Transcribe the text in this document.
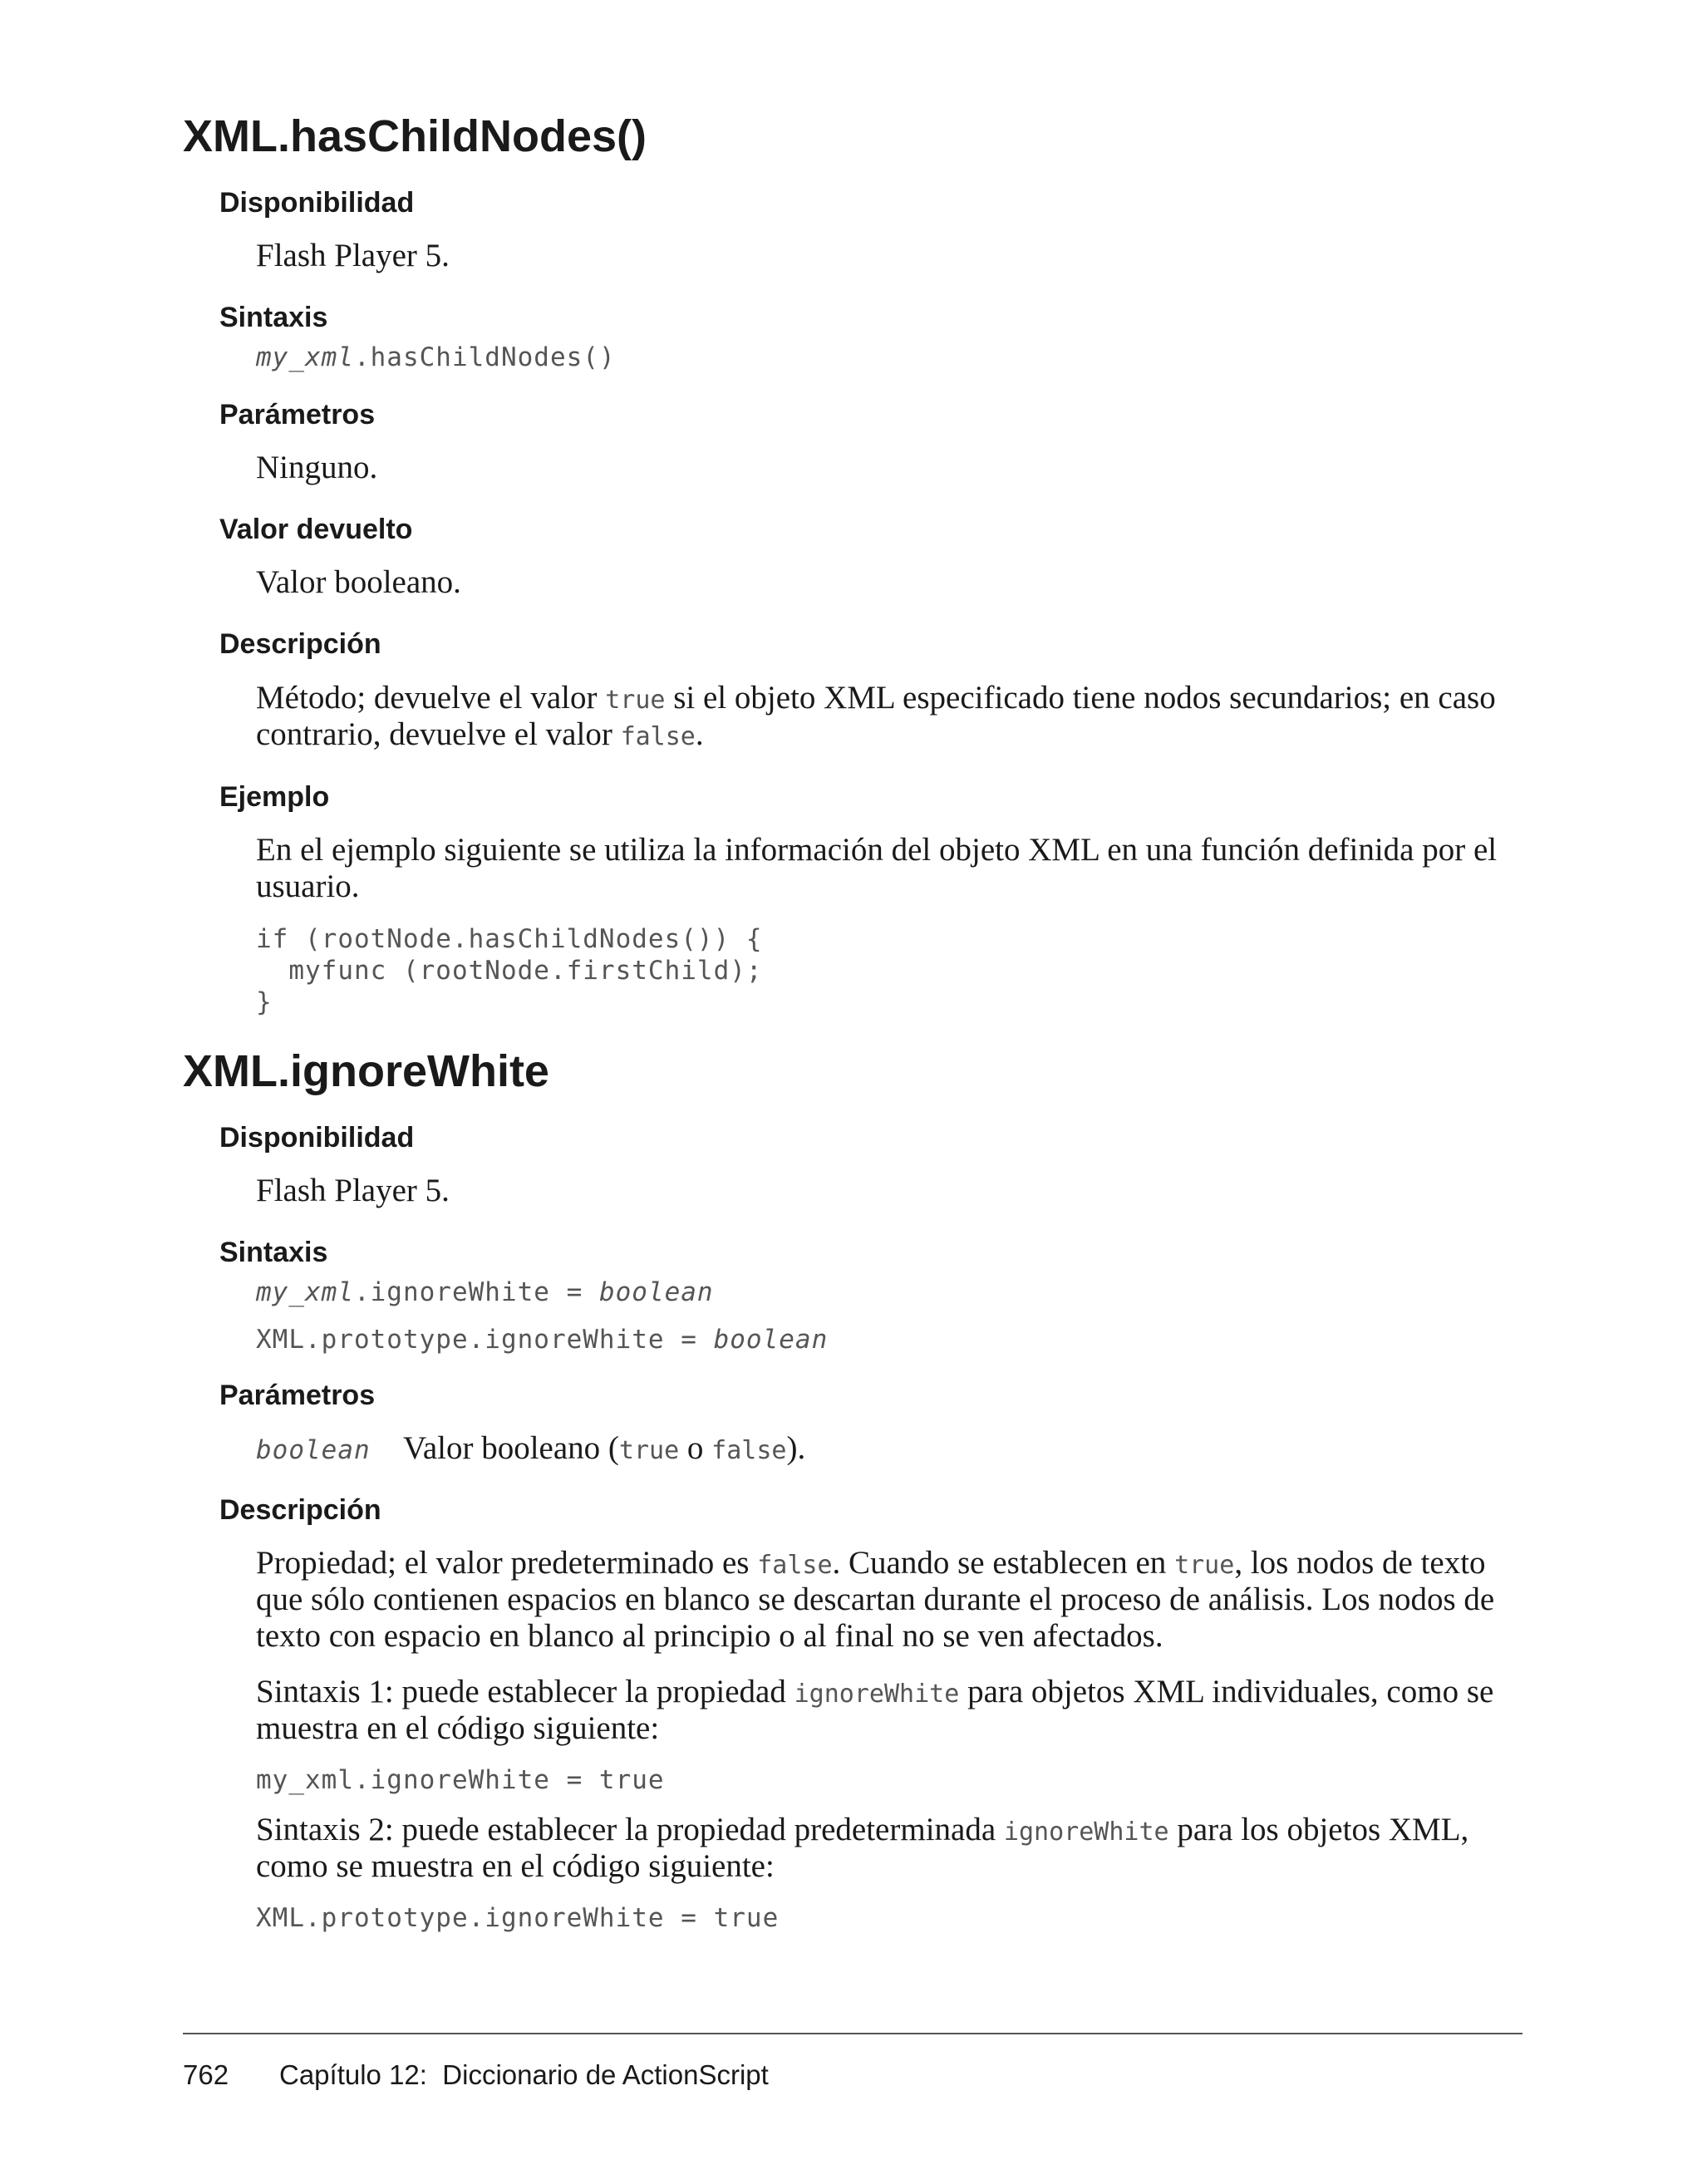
XML.hasChildNodes()
Disponibilidad
Flash Player 5.
Sintaxis
my_xml.hasChildNodes()
Parámetros
Ninguno.
Valor devuelto
Valor booleano.
Descripción
Método; devuelve el valor true si el objeto XML especificado tiene nodos secundarios; en caso
contrario, devuelve el valor false.
Ejemplo
En el ejemplo siguiente se utiliza la información del objeto XML en una función definida por el
usuario.
if (rootNode.hasChildNodes()) {
myfunc (rootNode.firstChild);
}
XML.ignoreWhite
Disponibilidad
Flash Player 5.
Sintaxis
my_xml.ignoreWhite = boolean
XML.prototype.ignoreWhite = boolean
Parámetros
boolean Valor booleano (true o false).
Descripción
Propiedad; el valor predeterminado es false. Cuando se establecen en true, los nodos de texto
que sólo contienen espacios en blanco se descartan durante el proceso de análisis. Los nodos de
texto con espacio en blanco al principio o al final no se ven afectados.
Sintaxis 1: puede establecer la propiedad ignoreWhite para objetos XML individuales, como se
muestra en el código siguiente:
my_xml.ignoreWhite = true
Sintaxis 2: puede establecer la propiedad predeterminada ignoreWhite para los objetos XML,
como se muestra en el código siguiente:
XML.prototype.ignoreWhite = true
762 Capítulo 12:  Diccionario de ActionScript
